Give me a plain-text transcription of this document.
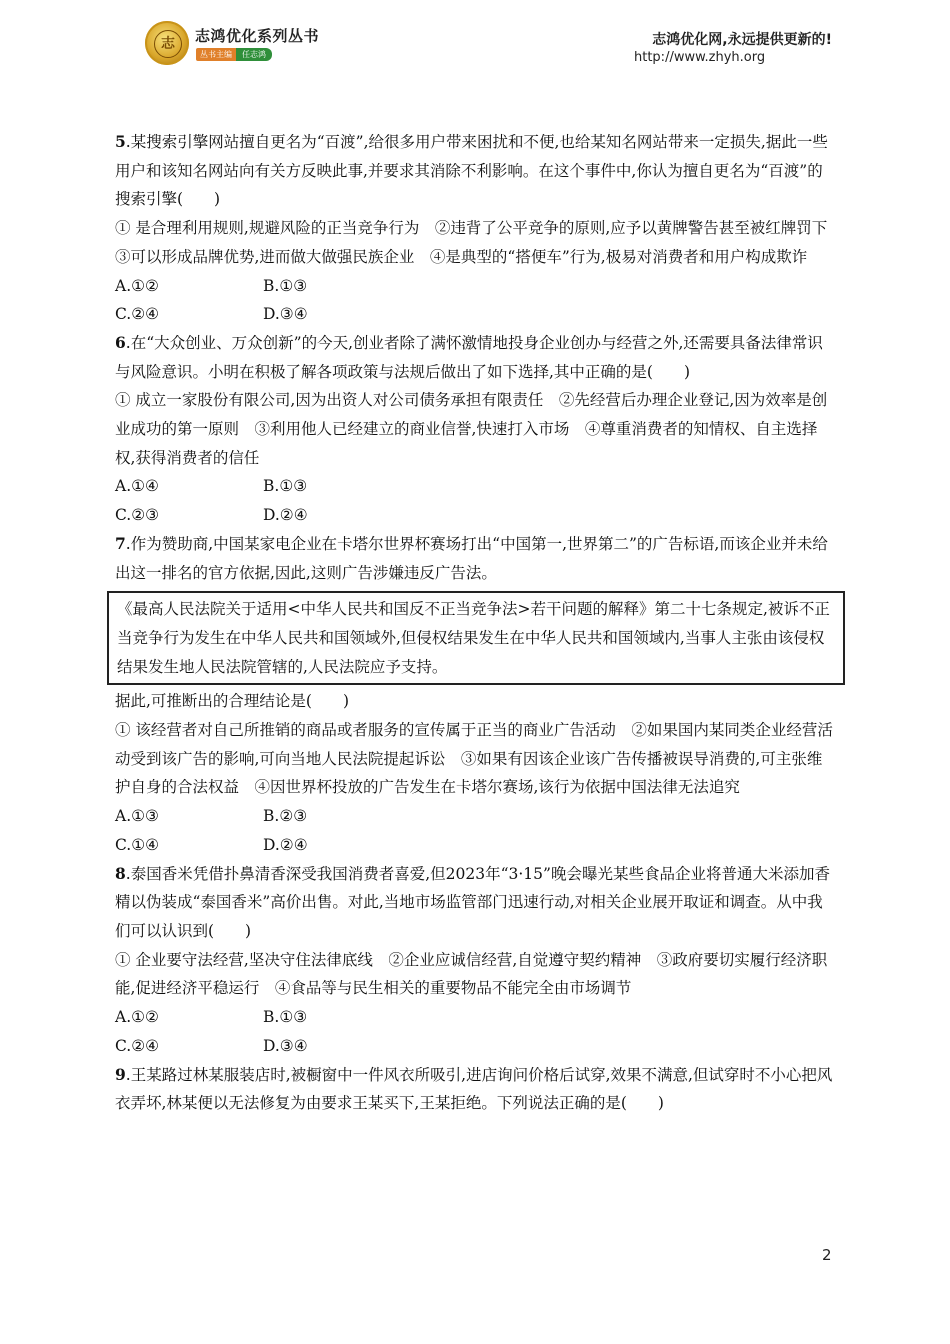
志	志鸿优化系列丛书
丛书主编 任志鸿
志鸿优化网,永远提供更新的!
http://www.zhyh.org

5.某搜索引擎网站擅自更名为“百渡”,给很多用户带来困扰和不便,也给某知名网站带来一定损失,据此一些用户和该知名网站向有关方反映此事,并要求其消除不利影响。在这个事件中,你认为擅自更名为“百渡”的搜索引擎(　　)

① 是合理利用规则,规避风险的正当竞争行为　②违背了公平竞争的原则,应予以黄牌警告甚至被红牌罚下　③可以形成品牌优势,进而做大做强民族企业　④是典型的“搭便车”行为,极易对消费者和用户构成欺诈

A.①②	B.①③
C.②④	D.③④

6.在“大众创业、万众创新”的今天,创业者除了满怀激情地投身企业创办与经营之外,还需要具备法律常识与风险意识。小明在积极了解各项政策与法规后做出了如下选择,其中正确的是(　　)

① 成立一家股份有限公司,因为出资人对公司债务承担有限责任　②先经营后办理企业登记,因为效率是创业成功的第一原则　③利用他人已经建立的商业信誉,快速打入市场　④尊重消费者的知情权、自主选择权,获得消费者的信任

A.①④	B.①③
C.②③	D.②④

7.作为赞助商,中国某家电企业在卡塔尔世界杯赛场打出“中国第一,世界第二”的广告标语,而该企业并未给出这一排名的官方依据,因此,这则广告涉嫌违反广告法。

《最高人民法院关于适用<中华人民共和国反不正当竞争法>若干问题的解释》第二十七条规定,被诉不正当竞争行为发生在中华人民共和国领域外,但侵权结果发生在中华人民共和国领域内,当事人主张由该侵权结果发生地人民法院管辖的,人民法院应予支持。

据此,可推断出的合理结论是(　　)

① 该经营者对自己所推销的商品或者服务的宣传属于正当的商业广告活动　②如果国内某同类企业经营活动受到该广告的影响,可向当地人民法院提起诉讼　③如果有因该企业该广告传播被误导消费的,可主张维护自身的合法权益　④因世界杯投放的广告发生在卡塔尔赛场,该行为依据中国法律无法追究

A.①③	B.②③
C.①④	D.②④

8.泰国香米凭借扑鼻清香深受我国消费者喜爱,但2023年“3·15”晚会曝光某些食品企业将普通大米添加香精以伪装成“泰国香米”高价出售。对此,当地市场监管部门迅速行动,对相关企业展开取证和调查。从中我们可以认识到(　　)

① 企业要守法经营,坚决守住法律底线　②企业应诚信经营,自觉遵守契约精神　③政府要切实履行经济职能,促进经济平稳运行　④食品等与民生相关的重要物品不能完全由市场调节

A.①②	B.①③
C.②④	D.③④

9.王某路过林某服装店时,被橱窗中一件风衣所吸引,进店询问价格后试穿,效果不满意,但试穿时不小心把风衣弄坏,林某便以无法修复为由要求王某买下,王某拒绝。下列说法正确的是(　　)

2
